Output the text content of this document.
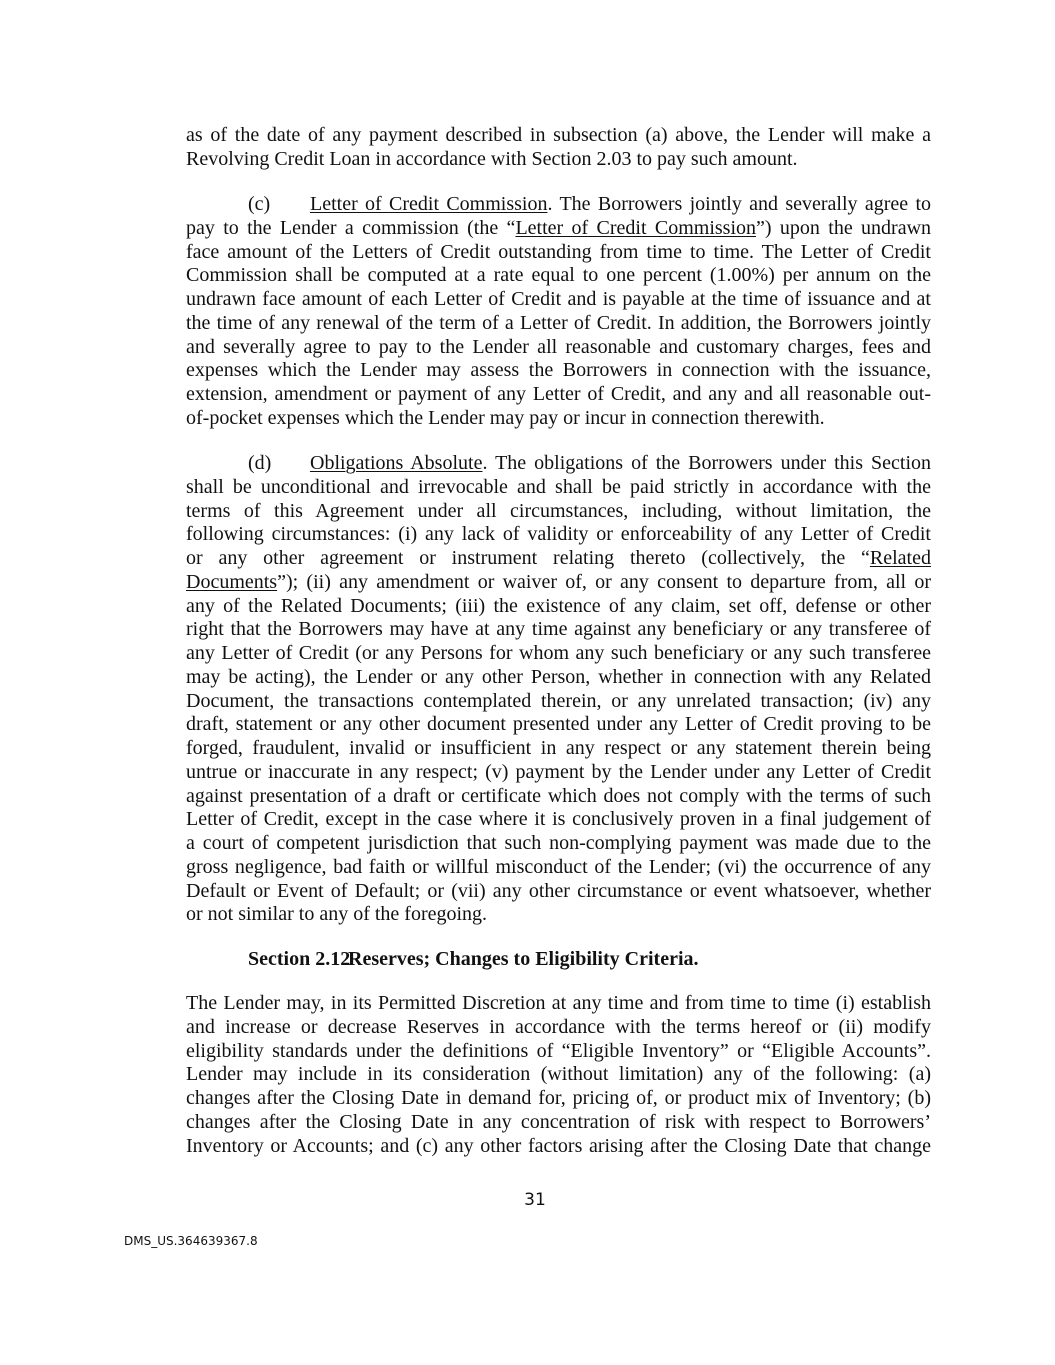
as of the date of any payment described in subsection (a) above, the Lender will make a
Revolving Credit Loan in accordance with Section 2.03 to pay such amount.
(c) Letter of Credit Commission. The Borrowers jointly and severally agree to
pay to the Lender a commission (the “Letter of Credit Commission”) upon the undrawn
face amount of the Letters of Credit outstanding from time to time. The Letter of Credit
Commission shall be computed at a rate equal to one percent (1.00%) per annum on the
undrawn face amount of each Letter of Credit and is payable at the time of issuance and at
the time of any renewal of the term of a Letter of Credit. In addition, the Borrowers jointly
and severally agree to pay to the Lender all reasonable and customary charges, fees and
expenses which the Lender may assess the Borrowers in connection with the issuance,
extension, amendment or payment of any Letter of Credit, and any and all reasonable out-
of-pocket expenses which the Lender may pay or incur in connection therewith.
(d) Obligations Absolute. The obligations of the Borrowers under this Section
shall be unconditional and irrevocable and shall be paid strictly in accordance with the
terms of this Agreement under all circumstances, including, without limitation, the
following circumstances: (i) any lack of validity or enforceability of any Letter of Credit
or any other agreement or instrument relating thereto (collectively, the “Related
Documents”); (ii) any amendment or waiver of, or any consent to departure from, all or
any of the Related Documents; (iii) the existence of any claim, set off, defense or other
right that the Borrowers may have at any time against any beneficiary or any transferee of
any Letter of Credit (or any Persons for whom any such beneficiary or any such transferee
may be acting), the Lender or any other Person, whether in connection with any Related
Document, the transactions contemplated therein, or any unrelated transaction; (iv) any
draft, statement or any other document presented under any Letter of Credit proving to be
forged, fraudulent, invalid or insufficient in any respect or any statement therein being
untrue or inaccurate in any respect; (v) payment by the Lender under any Letter of Credit
against presentation of a draft or certificate which does not comply with the terms of such
Letter of Credit, except in the case where it is conclusively proven in a final judgement of
a court of competent jurisdiction that such non-complying payment was made due to the
gross negligence, bad faith or willful misconduct of the Lender; (vi) the occurrence of any
Default or Event of Default; or (vii) any other circumstance or event whatsoever, whether
or not similar to any of the foregoing.
Section 2.12Reserves; Changes to Eligibility Criteria.
The Lender may, in its Permitted Discretion at any time and from time to time (i) establish
and increase or decrease Reserves in accordance with the terms hereof or (ii) modify
eligibility standards under the definitions of “Eligible Inventory” or “Eligible Accounts”.
Lender may include in its consideration (without limitation) any of the following: (a)
changes after the Closing Date in demand for, pricing of, or product mix of Inventory; (b)
changes after the Closing Date in any concentration of risk with respect to Borrowers’
Inventory or Accounts; and (c) any other factors arising after the Closing Date that change
31
DMS_US.364639367.8
